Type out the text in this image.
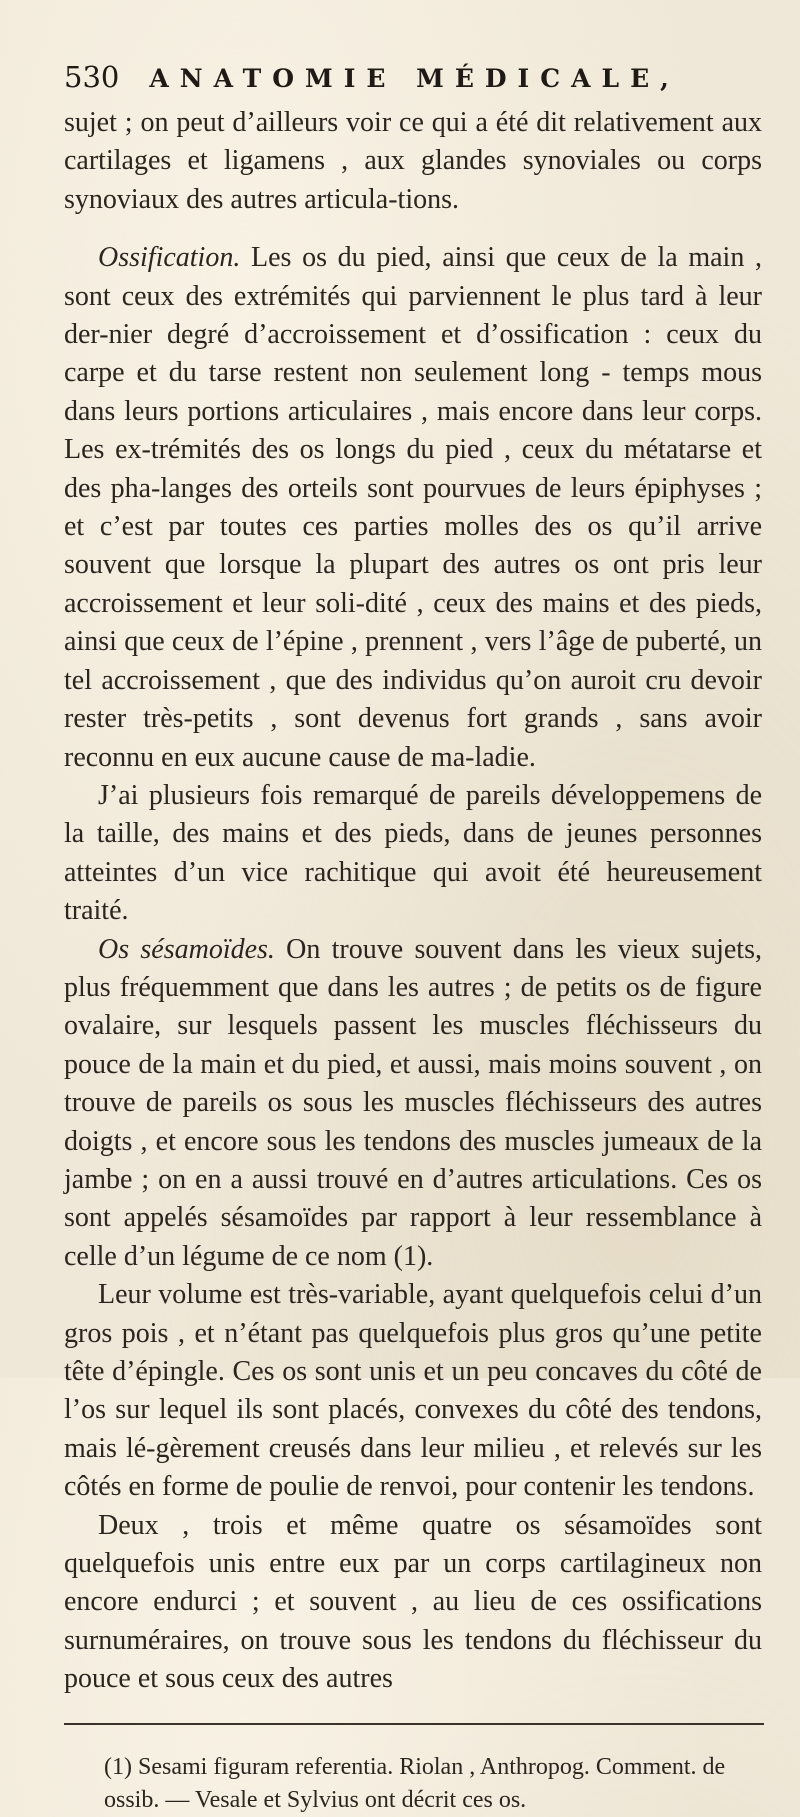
530 ANATOMIE MÉDICALE,

sujet ; on peut d’ailleurs voir ce qui a été dit relativement aux cartilages et ligamens , aux glandes synoviales ou corps synoviaux des autres articula-tions.

Ossification. Les os du pied, ainsi que ceux de la main , sont ceux des extrémités qui parviennent le plus tard à leur der-nier degré d’accroissement et d’ossification : ceux du carpe et du tarse restent non seulement long - temps mous dans leurs portions articulaires , mais encore dans leur corps. Les ex-trémités des os longs du pied , ceux du métatarse et des pha-langes des orteils sont pourvues de leurs épiphyses ; et c’est par toutes ces parties molles des os qu’il arrive souvent que lorsque la plupart des autres os ont pris leur accroissement et leur soli-dité , ceux des mains et des pieds, ainsi que ceux de l’épine , prennent , vers l’âge de puberté, un tel accroissement , que des individus qu’on auroit cru devoir rester très-petits , sont devenus fort grands , sans avoir reconnu en eux aucune cause de ma-ladie.

J’ai plusieurs fois remarqué de pareils développemens de la taille, des mains et des pieds, dans de jeunes personnes atteintes d’un vice rachitique qui avoit été heureusement traité.

Os sésamoïdes. On trouve souvent dans les vieux sujets, plus fréquemment que dans les autres ; de petits os de figure ovalaire, sur lesquels passent les muscles fléchisseurs du pouce de la main et du pied, et aussi, mais moins souvent , on trouve de pareils os sous les muscles fléchisseurs des autres doigts , et encore sous les tendons des muscles jumeaux de la jambe ; on en a aussi trouvé en d’autres articulations. Ces os sont appelés sésamoïdes par rapport à leur ressemblance à celle d’un légume de ce nom (1).

Leur volume est très-variable, ayant quelquefois celui d’un gros pois , et n’étant pas quelquefois plus gros qu’une petite tête d’épingle. Ces os sont unis et un peu concaves du côté de l’os sur lequel ils sont placés, convexes du côté des tendons, mais lé-gèrement creusés dans leur milieu , et relevés sur les côtés en forme de poulie de renvoi, pour contenir les tendons.

Deux , trois et même quatre os sésamoïdes sont quelquefois unis entre eux par un corps cartilagineux non encore endurci ; et souvent , au lieu de ces ossifications surnuméraires, on trouve sous les tendons du fléchisseur du pouce et sous ceux des autres

(1) Sesami figuram referentia. Riolan , Anthropog. Comment. de ossib. — Vesale et Sylvius ont décrit ces os.
